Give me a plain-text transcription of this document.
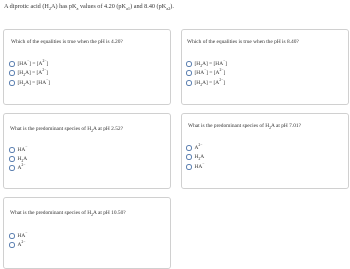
A diprotic acid $(H_2A)$ has $pK_a$ values of 4.20 $(pK_{a1})$ and 8.40 $(pK_{a2})$.
Which of the equalities is true when the pH is 4.20?
$[HA^-] = [A^{2-}]$
$[H_2A] = [A^{2-}]$
$[H_2A] = [HA^-]$
Which of the equalities is true when the pH is 8.40?
$[H_2A] = [HA^-]$
$[HA^-] = [A^{2-}]$
$[H_2A] = [A^{2-}]$
What is the predominant species of $H_2A$ at pH 2.52?
HA−
$H_2A$
$A^{2-}$
What is the predominant species of $H_2A$ at pH 7.01?
$A^{2-}$
$H_2A$
HA−
What is the predominant species of $H_2A$ at pH 10.50?
HA−
$A^{2-}$
